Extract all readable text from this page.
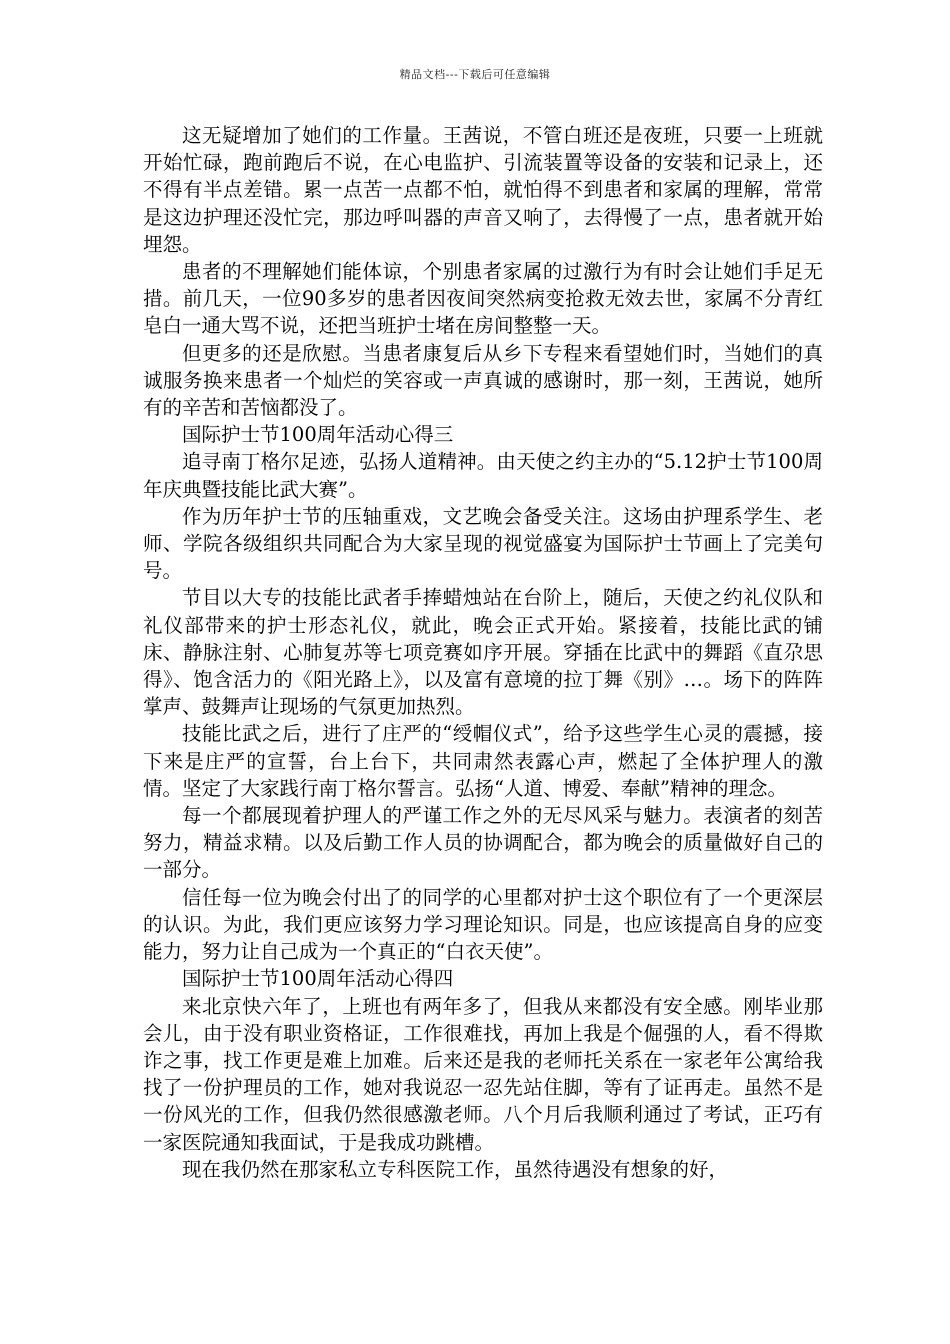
精品文档---下载后可任意编辑

这无疑增加了她们的工作量。王茜说，不管白班还是夜班，只要一上班就开始忙碌，跑前跑后不说，在心电监护、引流装置等设备的安装和记录上，还不得有半点差错。累一点苦一点都不怕，就怕得不到患者和家属的理解，常常是这边护理还没忙完，那边呼叫器的声音又响了，去得慢了一点，患者就开始埋怨。

患者的不理解她们能体谅，个别患者家属的过激行为有时会让她们手足无措。前几天，一位90多岁的患者因夜间突然病变抢救无效去世，家属不分青红皂白一通大骂不说，还把当班护士堵在房间整整一天。

但更多的还是欣慰。当患者康复后从乡下专程来看望她们时，当她们的真诚服务换来患者一个灿烂的笑容或一声真诚的感谢时，那一刻，王茜说，她所有的辛苦和苦恼都没了。

国际护士节100周年活动心得三

追寻南丁格尔足迹，弘扬人道精神。由天使之约主办的“5.12护士节100周年庆典暨技能比武大赛”。

作为历年护士节的压轴重戏，文艺晚会备受关注。这场由护理系学生、老师、学院各级组织共同配合为大家呈现的视觉盛宴为国际护士节画上了完美句号。

节目以大专的技能比武者手捧蜡烛站在台阶上，随后，天使之约礼仪队和礼仪部带来的护士形态礼仪，就此，晚会正式开始。紧接着，技能比武的铺床、静脉注射、心肺复苏等七项竞赛如序开展。穿插在比武中的舞蹈《直尕思得》、饱含活力的《阳光路上》，以及富有意境的拉丁舞《别》…。场下的阵阵掌声、鼓舞声让现场的气氛更加热烈。

技能比武之后，进行了庄严的“绶帽仪式”，给予这些学生心灵的震撼，接下来是庄严的宣誓，台上台下，共同肃然表露心声，燃起了全体护理人的激情。坚定了大家践行南丁格尔誓言。弘扬“人道、博爱、奉献”精神的理念。

每一个都展现着护理人的严谨工作之外的无尽风采与魅力。表演者的刻苦努力，精益求精。以及后勤工作人员的协调配合，都为晚会的质量做好自己的一部分。

信任每一位为晚会付出了的同学的心里都对护士这个职位有了一个更深层的认识。为此，我们更应该努力学习理论知识。同是，也应该提高自身的应变能力，努力让自己成为一个真正的“白衣天使”。

国际护士节100周年活动心得四

来北京快六年了，上班也有两年多了，但我从来都没有安全感。刚毕业那会儿，由于没有职业资格证，工作很难找，再加上我是个倔强的人，看不得欺诈之事，找工作更是难上加难。后来还是我的老师托关系在一家老年公寓给我找了一份护理员的工作，她对我说忍一忍先站住脚，等有了证再走。虽然不是一份风光的工作，但我仍然很感激老师。八个月后我顺利通过了考试，正巧有一家医院通知我面试，于是我成功跳槽。

现在我仍然在那家私立专科医院工作，虽然待遇没有想象的好，
